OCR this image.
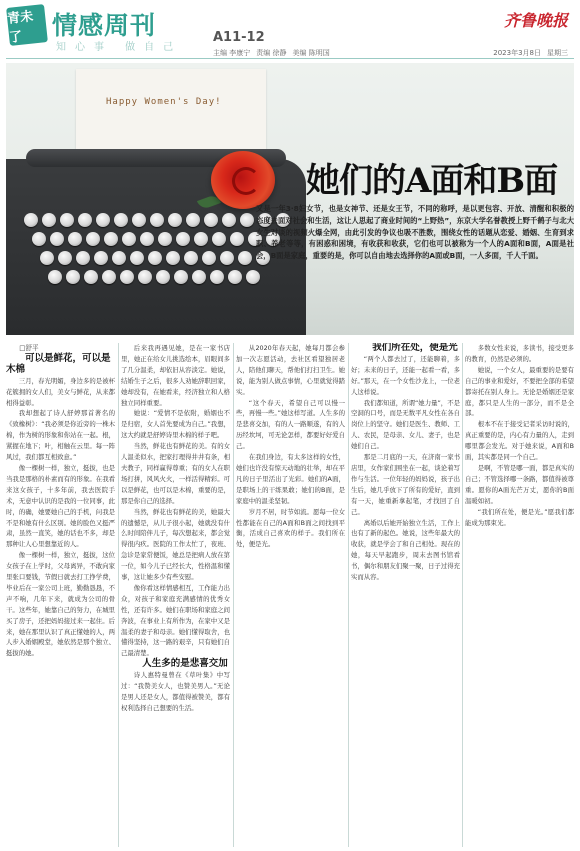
青未了	情感周刊
知心事 做自己
A11-12
齐鲁晚报
主编 李康宁 责编 徐静 美编 陈明国	2023年3月8日 星期三
Happy Women's Day!
她们的A面和B面
又是一年3·8妇女节，也是女神节、还是女王节，不同的称呼，是以更包容、开放、清醒和积极的态度去面对社会和生活，这让人思起了商业时间的“上野热”，东京大学名誉教授上野千鹤子与北大女生对谈的视频火爆全网，由此引发的争议也吸不胜数，围绕女性的话题从恋爱、婚姻、生育到求职、养老等等，有困惑和困境，有收获和收获，它们也可以被称为一个人的A面和B面，A面是社会，B面是家庭，重要的是，你可以自由地去选择你的A面或B面，一人多面，千人千面。

□舒平

可以是鲜花，可以是木棉

三月，春光明媚，身边多的是被杯花簇拥的女人们，美女与鲜花，从来都相得益彰。

我却想起了诗人舒婷那首著名的《致橡树》：“我必须是你近旁的一株木棉，作为树的形象和你站在一起。根，紧握在地下；叶，相触在云里。每一阵风过，我们都互相致意。”

像一棵树一样，独立，挺拔，也是当我是那格的朴素而有的形象。在我看来这女孩子，十多年前，我去医院手术，无意中认识的是我的一位同事，此时，的确，她要她自己的手机，问我是不是和她有什么区别。她的脸色又挺严肃，虽然一直笑，她的话也不多，却是那种让人心里想靠近的人。

像一棵树一样，独立，挺拔，这位女孩子在上学时，父母离异，不敢向家里张口要钱，节假日就去打工挣学费，毕业后在一家公司上班，勤勤恳恳，不声不响，几年下来，就成为公司的骨干。这些年，她靠自己的努力，在城里买了房子，还把妈妈接过来一起住。后来，她在那里认识了真正懂她的人，两人步入婚姻殿堂，她依然是那个独立、挺拔的她。

后来我再遇见她，是在一家书店里，她正在给女儿挑选绘本，眉眼间多了几分温柔，却依旧从容淡定。她说，结婚生子之后，很多人劝她辞职回家，她却没有，在她看来，经济独立和人格独立同样重要。

她说：“爱情不是依附，婚姻也不是归宿，女人首先要成为自己。”我想，这大约就是舒婷诗里木棉的样子吧。

当然，鲜花也有鲜花的美。有的女人温柔似水，把家打理得井井有条，相夫教子，同样赢得尊重；有的女人在职场打拼，风风火火，一样活得精彩。可以是鲜花，也可以是木棉，重要的是，那是你自己的选择。

当然，鲜花也有鲜花的美，她最大的遗憾是，从儿子很小起，她就没有什么时间陪伴儿子，每次想起来，都会觉得很内疚。医院的工作太忙了，夜班、急诊是家常便饭，她总是把病人放在第一位，如今儿子已经长大，性格温和懂事，这让她多少有些安慰。

像你看这样情感相互，工作能力出众，对孩子和家庭充满感情的优秀女性，还有许多。她们在职场和家庭之间奔波，在事业上有所作为，在家中又是温柔的妻子和母亲。她们懂得取舍，也懂得坚持，这一路的艰辛，只有她们自己最清楚。

人生多的是悲喜交加

诗人惠特曼曾在《草叶集》中写过：“我赞美女人，也赞美男人。”无论是男人还是女人，都值得被赞美，都有权利选择自己想要的生活。

从2020年春天起，她每月都会参加一次志愿活动，去社区看望独居老人，陪他们聊天，帮他们打扫卫生。她说，能为别人做点事情，心里就觉得踏实。

“这个春天，希望自己可以慢一些，再慢一些。”她这样写道。人生多的是悲喜交加，有的人一路顺遂，有的人历经坎坷，可无论怎样，都要好好爱自己。

在我们身边，有太多这样的女性，她们也许没有惊天动地的壮举，却在平凡的日子里活出了光彩。她们的A面，是职场上的干练果敢；她们的B面，是家庭中的温柔坚韧。

岁月不居，时节如流。愿每一位女性都能在自己的A面和B面之间找到平衡，活成自己喜欢的样子。我们所在处，便是光。

我们所在处，便是光

“两个人都去过了，还能聊着，多好；未来的日子，还能一起看一看，多好。”那天，在一个女性沙龙上，一位老人这样说。

我们都知道，所谓“她力量”，不是空洞的口号，而是无数平凡女性在各自岗位上的坚守。她们是医生、教师、工人、农民，是母亲、女儿、妻子，也是她们自己。

那是二月底的一天，在济南一家书店里，女作家们围坐在一起，谈论着写作与生活。一位年轻的妈妈说，孩子出生后，她几乎放下了所有的爱好，直到有一天，她重新拿起笔，才找回了自己。

离婚以后她开始独立生活，工作上也有了新的起色。她说，这些年最大的收获，就是学会了和自己相处。现在的她，每天早起跑步，周末去图书馆看书，偶尔和朋友们聚一聚，日子过得充实而从容。

多数女性来说，多读书，接受更多的教育，仍然是必须的。

她说，一个女人，最重要的是要有自己的事业和爱好，不要把全部的希望都寄托在别人身上。无论是婚姻还是家庭，都只是人生的一部分，而不是全部。

根本不在于接受记者采访时说的，真正重要的是，内心有力量的人，走到哪里都会发光。对于她来说，A面和B面，其实都是同一个自己。

是啊，不管是哪一面，都是真实的自己；不管选择哪一条路，都值得被尊重。愿你的A面光芒万丈，愿你的B面温暖如初。

“我们所在处，便是光。”愿我们都能成为那束光。
